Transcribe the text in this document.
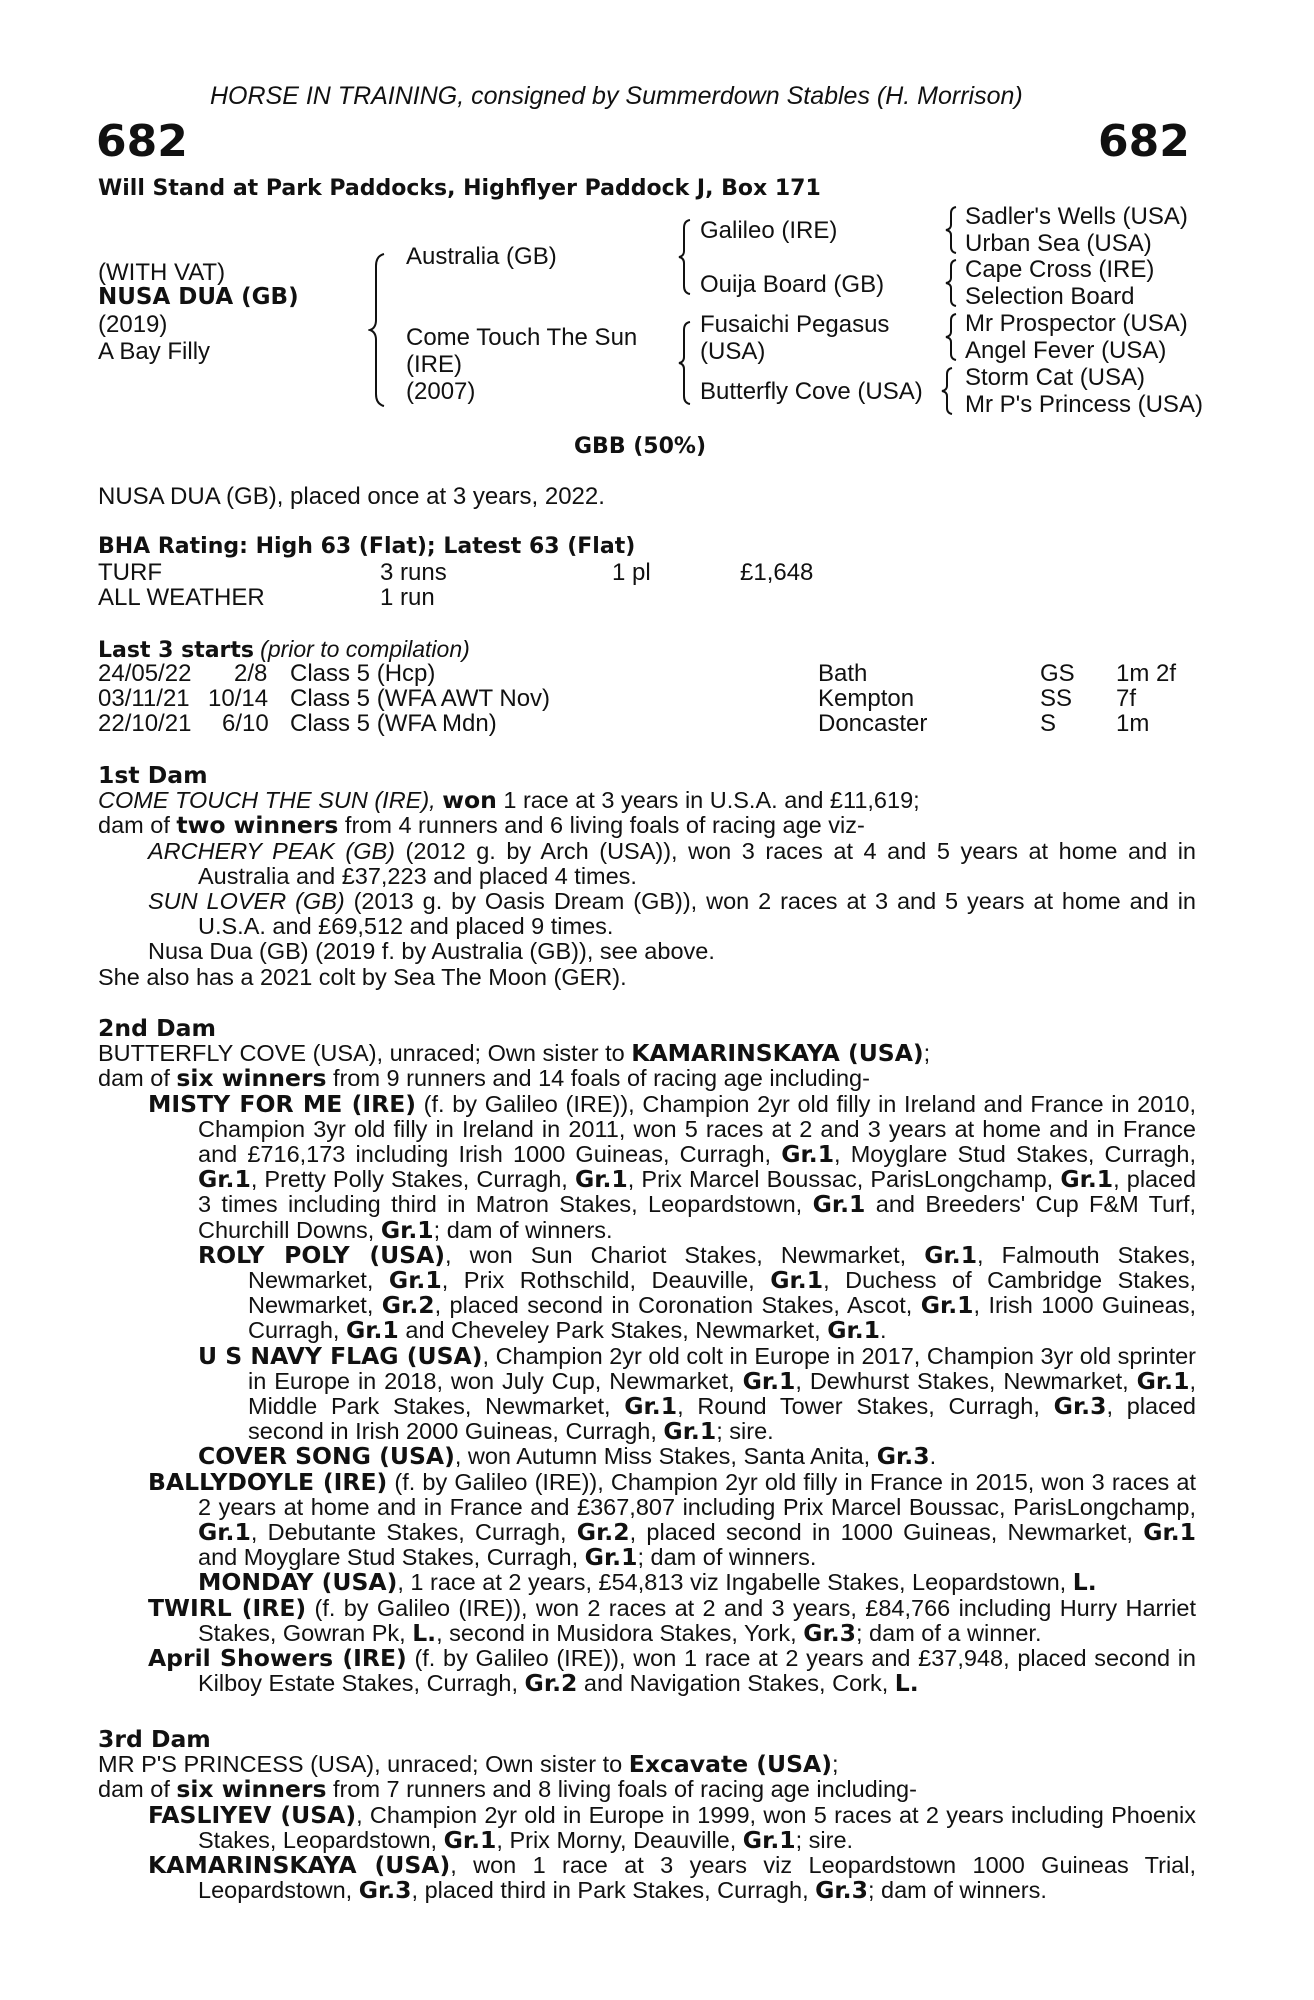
HORSE IN TRAINING, consigned by Summerdown Stables (H. Morrison)
682	682
Will Stand at Park Paddocks, Highflyer Paddock J, Box 171
(WITH VAT)
NUSA DUA (GB)
(2019)
A Bay Filly
Australia (GB)
Come Touch The Sun
(IRE)
(2007)
Galileo (IRE)
Ouija Board (GB)
Fusaichi Pegasus
(USA)
Butterfly Cove (USA)
Sadler's Wells (USA)
Urban Sea (USA)
Cape Cross (IRE)
Selection Board
Mr Prospector (USA)
Angel Fever (USA)
Storm Cat (USA)
Mr P's Princess (USA)
GBB (50%)
NUSA DUA (GB), placed once at 3 years, 2022.
BHA Rating: High 63 (Flat); Latest 63 (Flat)
TURF	3 runs	1 pl	£1,648
ALL WEATHER	1 run
Last 3 starts (prior to compilation)
24/05/22 2/8 Class 5 (Hcp)	Bath	GS 1m 2f
03/11/21 10/14 Class 5 (WFA AWT Nov)	Kempton	SS 7f
22/10/21 6/10 Class 5 (WFA Mdn)	Doncaster	S 1m

1st Dam

COME TOUCH THE SUN (IRE), won 1 race at 3 years in U.S.A. and £11,619;

dam of two winners from 4 runners and 6 living foals of racing age viz-

ARCHERY PEAK (GB) (2012 g. by Arch (USA)), won 3 races at 4 and 5 years at home and in Australia and £37,223 and placed 4 times.

SUN LOVER (GB) (2013 g. by Oasis Dream (GB)), won 2 races at 3 and 5 years at home and in U.S.A. and £69,512 and placed 9 times.

Nusa Dua (GB) (2019 f. by Australia (GB)), see above.

She also has a 2021 colt by Sea The Moon (GER).

2nd Dam

BUTTERFLY COVE (USA), unraced; Own sister to KAMARINSKAYA (USA);

dam of six winners from 9 runners and 14 foals of racing age including-

MISTY FOR ME (IRE) (f. by Galileo (IRE)), Champion 2yr old filly in Ireland and France in 2010, Champion 3yr old filly in Ireland in 2011, won 5 races at 2 and 3 years at home and in France and £716,173 including Irish 1000 Guineas, Curragh, Gr.1, Moyglare Stud Stakes, Curragh, Gr.1, Pretty Polly Stakes, Curragh, Gr.1, Prix Marcel Boussac, ParisLongchamp, Gr.1, placed 3 times including third in Matron Stakes, Leopardstown, Gr.1 and Breeders' Cup F&M Turf, Churchill Downs, Gr.1; dam of winners.

ROLY POLY (USA), won Sun Chariot Stakes, Newmarket, Gr.1, Falmouth Stakes, Newmarket, Gr.1, Prix Rothschild, Deauville, Gr.1, Duchess of Cambridge Stakes, Newmarket, Gr.2, placed second in Coronation Stakes, Ascot, Gr.1, Irish 1000 Guineas, Curragh, Gr.1 and Cheveley Park Stakes, Newmarket, Gr.1.

U S NAVY FLAG (USA), Champion 2yr old colt in Europe in 2017, Champion 3yr old sprinter in Europe in 2018, won July Cup, Newmarket, Gr.1, Dewhurst Stakes, Newmarket, Gr.1, Middle Park Stakes, Newmarket, Gr.1, Round Tower Stakes, Curragh, Gr.3, placed second in Irish 2000 Guineas, Curragh, Gr.1; sire.

COVER SONG (USA), won Autumn Miss Stakes, Santa Anita, Gr.3.

BALLYDOYLE (IRE) (f. by Galileo (IRE)), Champion 2yr old filly in France in 2015, won 3 races at 2 years at home and in France and £367,807 including Prix Marcel Boussac, ParisLongchamp, Gr.1, Debutante Stakes, Curragh, Gr.2, placed second in 1000 Guineas, Newmarket, Gr.1 and Moyglare Stud Stakes, Curragh, Gr.1; dam of winners.

MONDAY (USA), 1 race at 2 years, £54,813 viz Ingabelle Stakes, Leopardstown, L.

TWIRL (IRE) (f. by Galileo (IRE)), won 2 races at 2 and 3 years, £84,766 including Hurry Harriet Stakes, Gowran Pk, L., second in Musidora Stakes, York, Gr.3; dam of a winner.

April Showers (IRE) (f. by Galileo (IRE)), won 1 race at 2 years and £37,948, placed second in Kilboy Estate Stakes, Curragh, Gr.2 and Navigation Stakes, Cork, L.

3rd Dam

MR P'S PRINCESS (USA), unraced; Own sister to Excavate (USA);

dam of six winners from 7 runners and 8 living foals of racing age including-

FASLIYEV (USA), Champion 2yr old in Europe in 1999, won 5 races at 2 years including Phoenix Stakes, Leopardstown, Gr.1, Prix Morny, Deauville, Gr.1; sire.

KAMARINSKAYA (USA), won 1 race at 3 years viz Leopardstown 1000 Guineas Trial, Leopardstown, Gr.3, placed third in Park Stakes, Curragh, Gr.3; dam of winners.
